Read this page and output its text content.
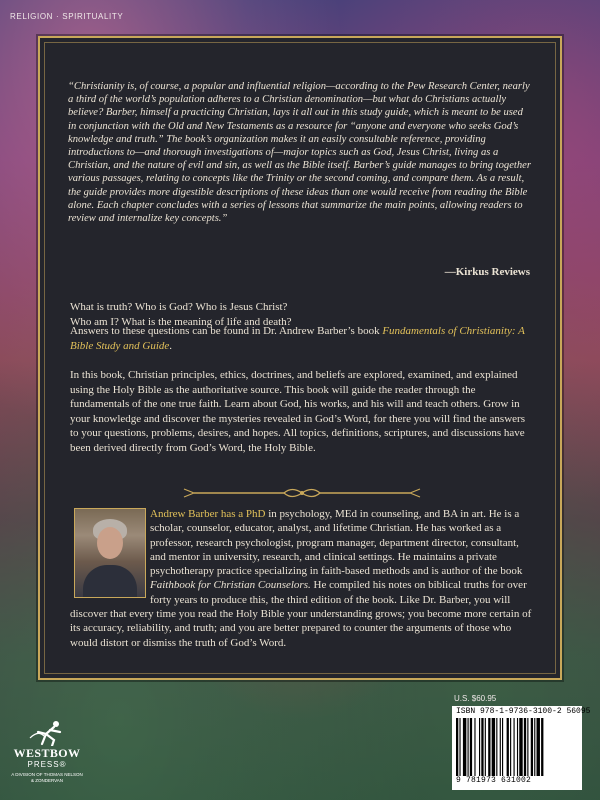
RELIGION · SPIRITUALITY
“Christianity is, of course, a popular and influential religion—according to the Pew Research Center, nearly a third of the world’s population adheres to a Christian denomination—but what do Christians actually believe? Barber, himself a practicing Christian, lays it all out in this study guide, which is meant to be used in conjunction with the Old and New Testaments as a resource for “anyone and everyone who seeks God’s knowledge and truth.” The book’s organization makes it an easily consultable reference, providing introductions to—and thorough investigations of—major topics such as God, Jesus Christ, living as a Christian, and the nature of evil and sin, as well as the Bible itself. Barber’s guide manages to bring together various passages, relating to concepts like the Trinity or the second coming, and compare them. As a result, the guide provides more digestible descriptions of these ideas than one would receive from reading the Bible alone. Each chapter concludes with a series of lessons that summarize the main points, allowing readers to review and internalize key concepts.”
—Kirkus Reviews
What is truth? Who is God? Who is Jesus Christ?
Who am I? What is the meaning of life and death?
Answers to these questions can be found in Dr. Andrew Barber’s book Fundamentals of Christianity: A Bible Study and Guide.
In this book, Christian principles, ethics, doctrines, and beliefs are explored, examined, and explained using the Holy Bible as the authoritative source. This book will guide the reader through the fundamentals of the one true faith. Learn about God, his works, and his will and teach others. Grow in your knowledge and discover the mysteries revealed in God’s Word, for there you will find the answers to your questions, problems, desires, and hopes. All topics, definitions, scriptures, and discussions have been derived directly from God’s Word, the Holy Bible.
Andrew Barber has a PhD in psychology, MEd in counseling, and BA in art. He is a scholar, counselor, educator, analyst, and lifetime Christian. He has worked as a professor, research psychologist, program manager, department director, consultant, and mentor in university, research, and clinical settings. He maintains a private psychotherapy practice specializing in faith-based methods and is author of the book Faithbook for Christian Counselors. He compiled his notes on biblical truths for over forty years to produce this, the third edition of the book. Like Dr. Barber, you will discover that every time you read the Holy Bible your understanding grows; you become more certain of its accuracy, reliability, and truth; and you are better prepared to counter the arguments of those who would distort or dismiss the truth of God’s Word.
U.S. $60.95
ISBN 978-1-9736-3100-2 56095
9 781973 631002
WESTBOW
PRESS®
A DIVISION OF THOMAS NELSON & ZONDERVAN
